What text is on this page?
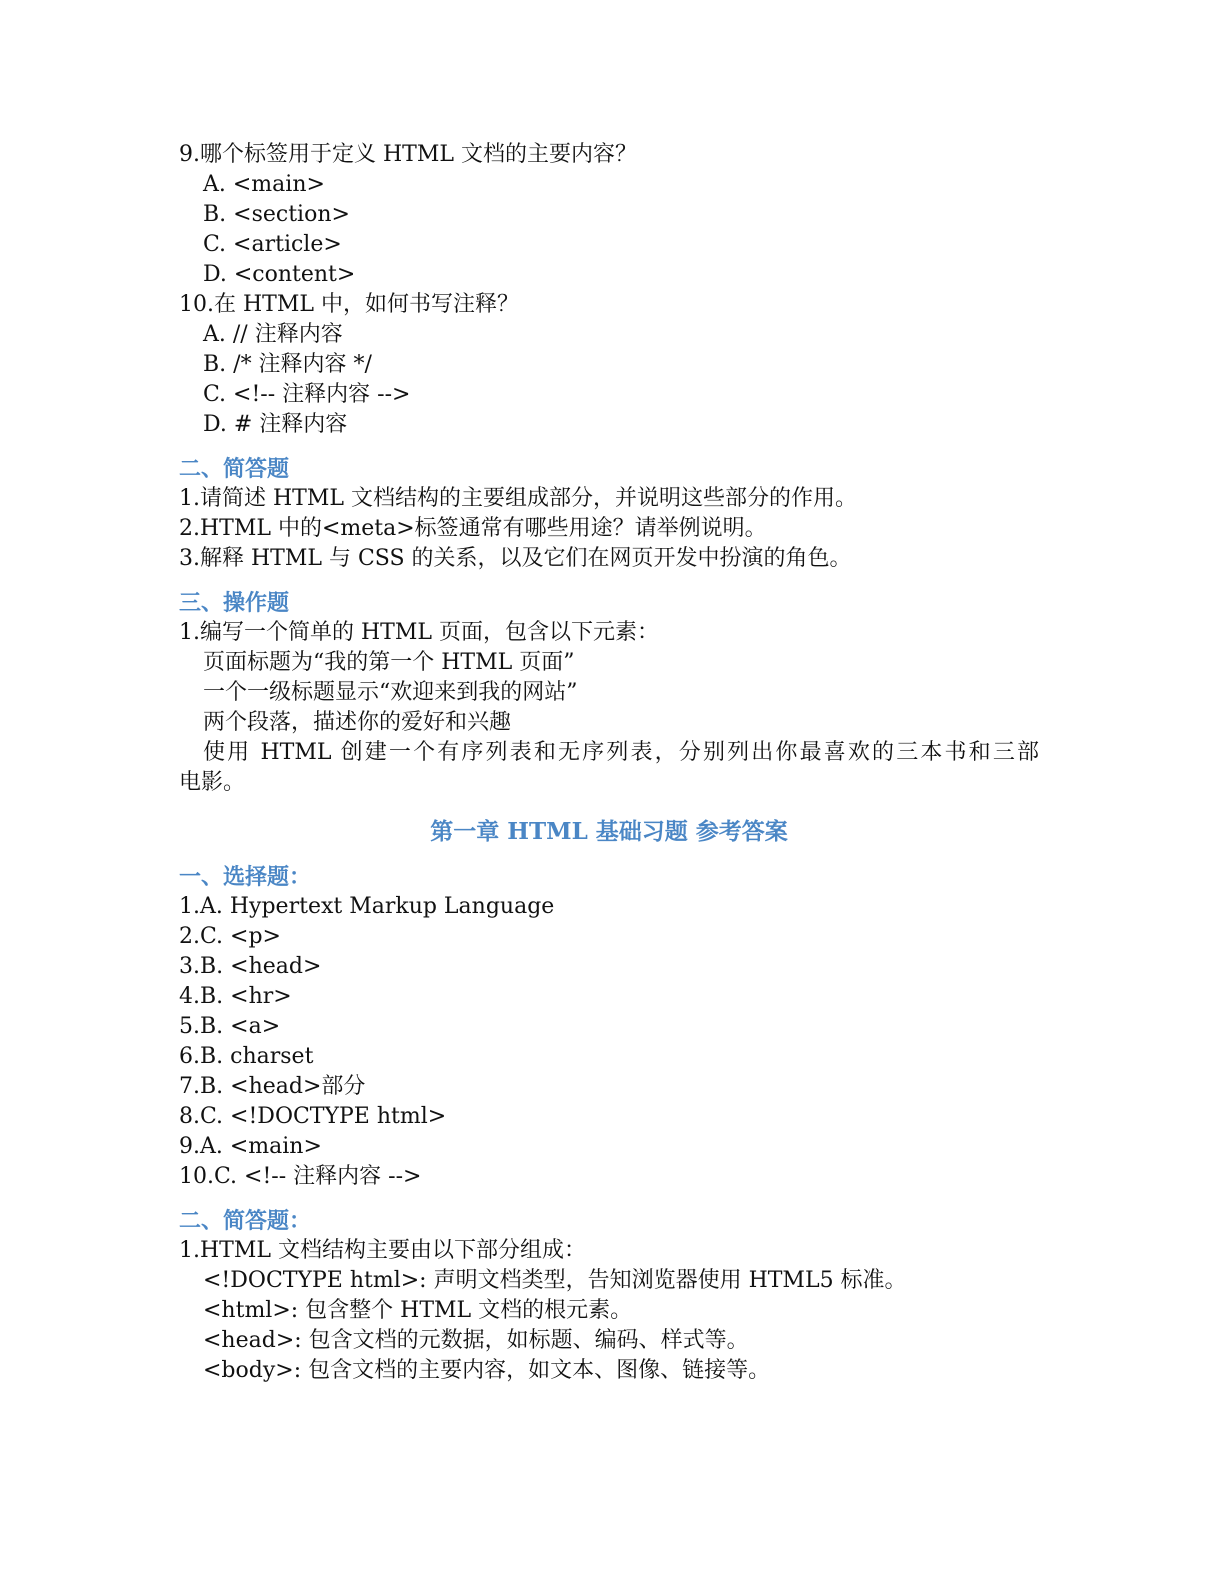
9.哪个标签用于定义 HTML 文档的主要内容？
A. <main>
B. <section>
C. <article>
D. <content>
10.在 HTML 中，如何书写注释？
A. // 注释内容
B. /* 注释内容 */
C. <!-- 注释内容 -->
D. # 注释内容
二、简答题
1.请简述 HTML 文档结构的主要组成部分，并说明这些部分的作用。
2.HTML 中的<meta>标签通常有哪些用途？请举例说明。
3.解释 HTML 与 CSS 的关系，以及它们在网页开发中扮演的角色。
三、操作题
1.编写一个简单的 HTML 页面，包含以下元素：
页面标题为“我的第一个 HTML 页面”
一个一级标题显示“欢迎来到我的网站”
两个段落，描述你的爱好和兴趣
使用 HTML 创建一个有序列表和无序列表，分别列出你最喜欢的三本书和三部
电影。
第一章 HTML 基础习题 参考答案
一、选择题：
1.A. Hypertext Markup Language
2.C. <p>
3.B. <head>
4.B. <hr>
5.B. <a>
6.B. charset
7.B. <head>部分
8.C. <!DOCTYPE html>
9.A. <main>
10.C. <!-- 注释内容 -->
二、简答题：
1.HTML 文档结构主要由以下部分组成：
<!DOCTYPE html>: 声明文档类型，告知浏览器使用 HTML5 标准。
<html>: 包含整个 HTML 文档的根元素。
<head>: 包含文档的元数据，如标题、编码、样式等。
<body>: 包含文档的主要内容，如文本、图像、链接等。
